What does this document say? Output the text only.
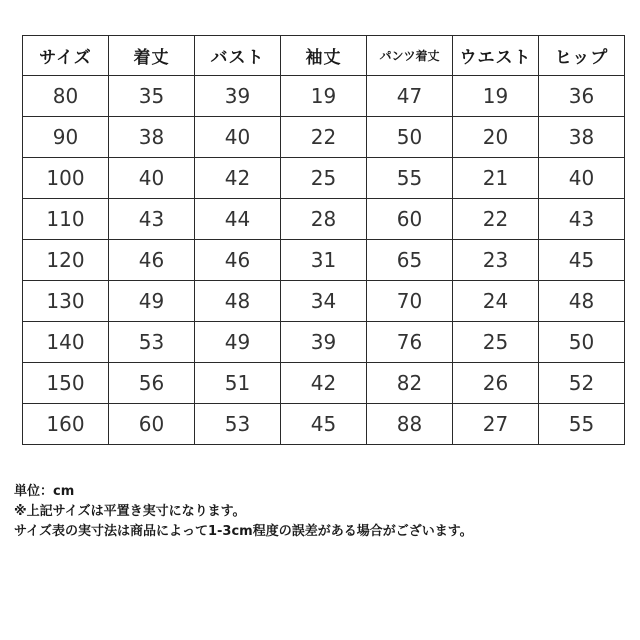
サイズ	着丈	バスト	袖丈	パンツ着丈	ウエスト	ヒップ
80	35	39	19	47	19	36
90	38	40	22	50	20	38
100	40	42	25	55	21	40
110	43	44	28	60	22	43
120	46	46	31	65	23	45
130	49	48	34	70	24	48
140	53	49	39	76	25	50
150	56	51	42	82	26	52
160	60	53	45	88	27	55
単位：cm
※上記サイズは平置き実寸になります。
サイズ表の実寸法は商品によって1-3cm程度の誤差がある場合がございます。
